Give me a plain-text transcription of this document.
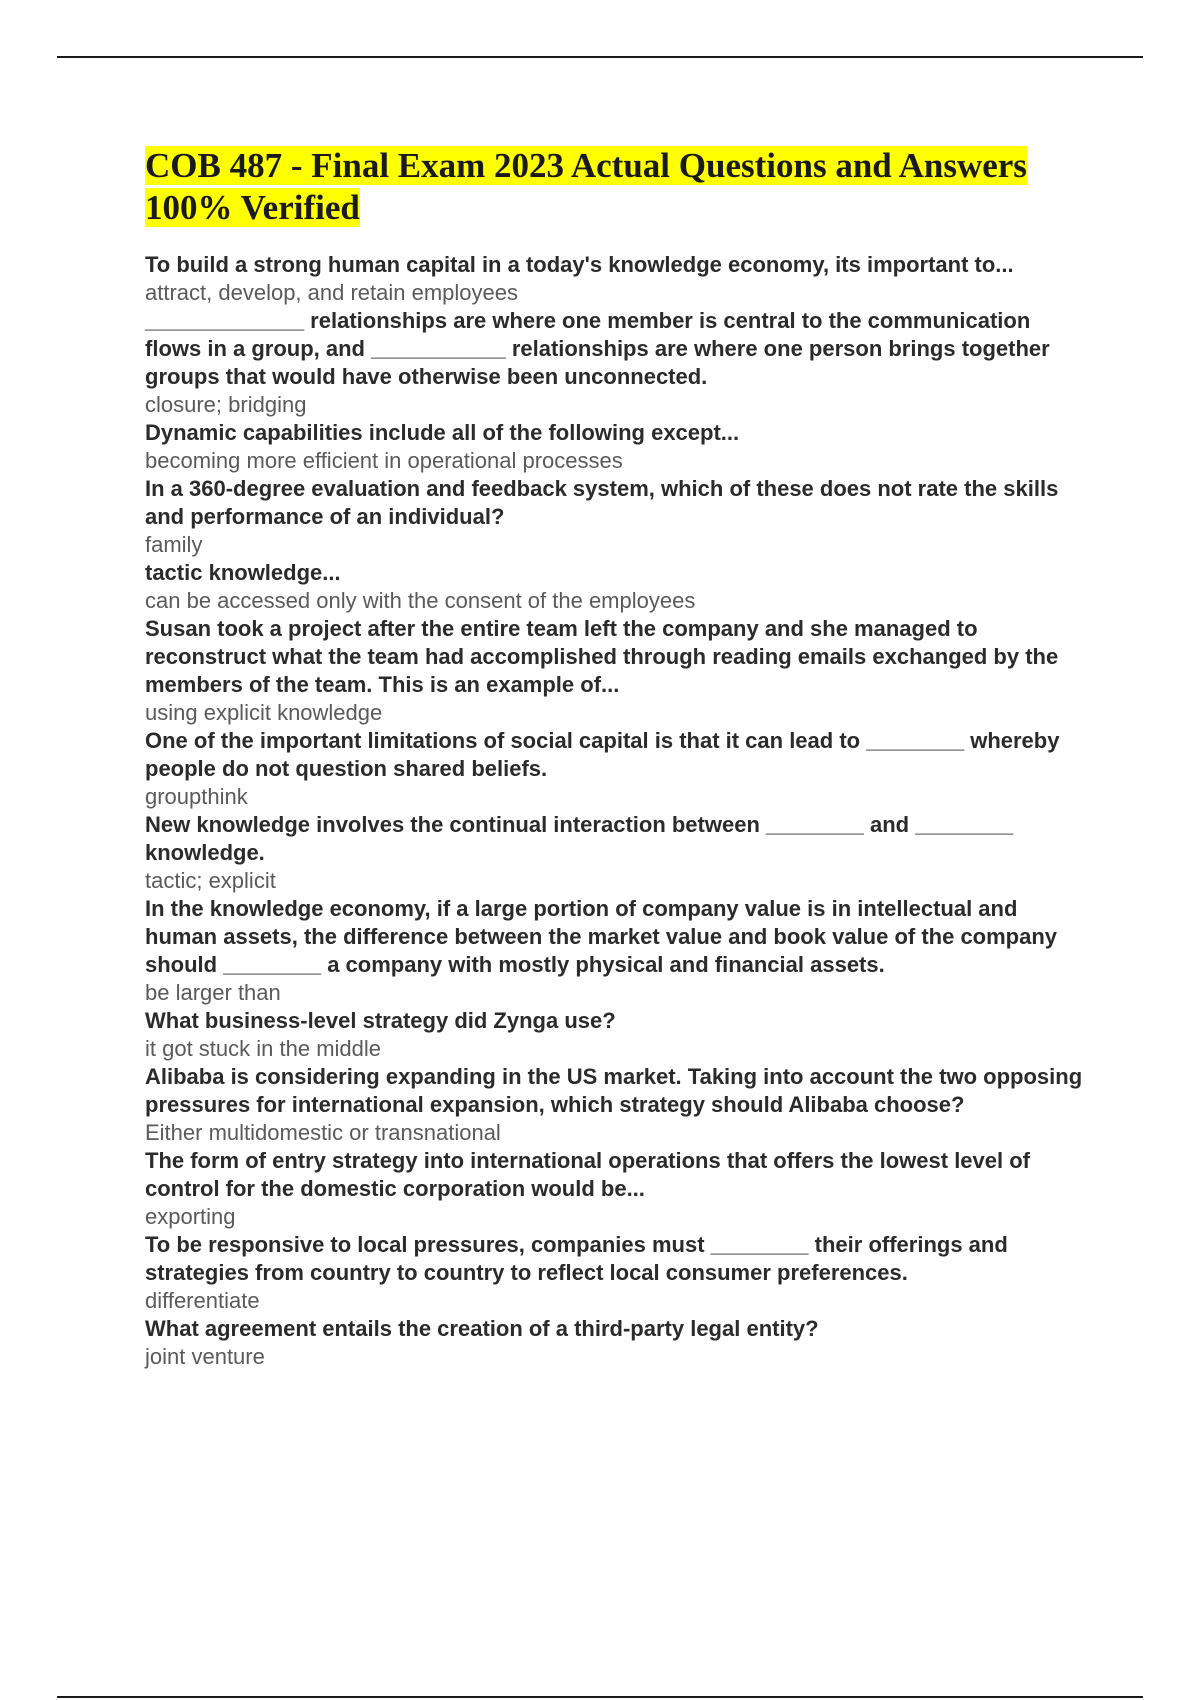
COB 487 - Final Exam 2023 Actual Questions and Answers 100% Verified

To build a strong human capital in a today's knowledge economy, its important to...

attract, develop, and retain employees

_____________ relationships are where one member is central to the communication flows in a group, and ___________ relationships are where one person brings together groups that would have otherwise been unconnected.

closure; bridging

Dynamic capabilities include all of the following except...

becoming more efficient in operational processes

In a 360-degree evaluation and feedback system, which of these does not rate the skills and performance of an individual?

family

tactic knowledge...

can be accessed only with the consent of the employees

Susan took a project after the entire team left the company and she managed to reconstruct what the team had accomplished through reading emails exchanged by the members of the team. This is an example of...

using explicit knowledge

One of the important limitations of social capital is that it can lead to ________ whereby people do not question shared beliefs.

groupthink

New knowledge involves the continual interaction between ________ and ________ knowledge.

tactic; explicit

In the knowledge economy, if a large portion of company value is in intellectual and human assets, the difference between the market value and book value of the company should ________ a company with mostly physical and financial assets.

be larger than

What business-level strategy did Zynga use?

it got stuck in the middle

Alibaba is considering expanding in the US market. Taking into account the two opposing pressures for international expansion, which strategy should Alibaba choose?

Either multidomestic or transnational

The form of entry strategy into international operations that offers the lowest level of control for the domestic corporation would be...

exporting

To be responsive to local pressures, companies must ________ their offerings and strategies from country to country to reflect local consumer preferences.

differentiate

What agreement entails the creation of a third-party legal entity?

joint venture
